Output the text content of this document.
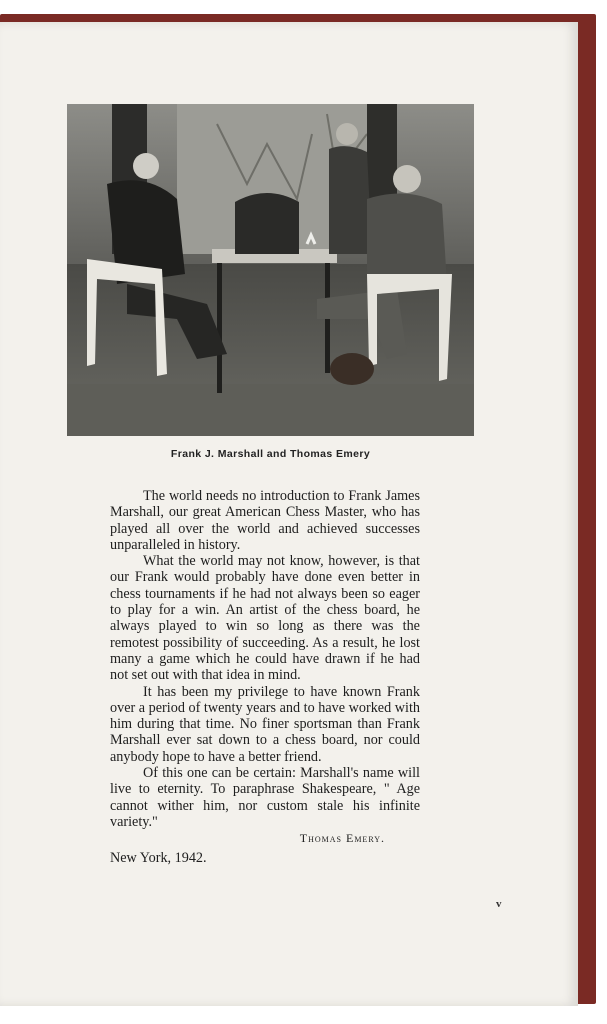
Frank J. Marshall and Thomas Emery

The world needs no introduction to Frank James Marshall, our great American Chess Master, who has played all over the world and achieved successes unparalleled in history.

What the world may not know, however, is that our Frank would probably have done even better in chess tournaments if he had not always been so eager to play for a win. An artist of the chess board, he always played to win so long as there was the remotest possibility of succeeding. As a result, he lost many a game which he could have drawn if he had not set out with that idea in mind.

It has been my privilege to have known Frank over a period of twenty years and to have worked with him during that time. No finer sportsman than Frank Marshall ever sat down to a chess board, nor could anybody hope to have a better friend.

Of this one can be certain: Marshall's name will live to eternity. To paraphrase Shakespeare, " Age cannot wither him, nor custom stale his infinite variety."

Thomas Emery.
New York, 1942.
v
